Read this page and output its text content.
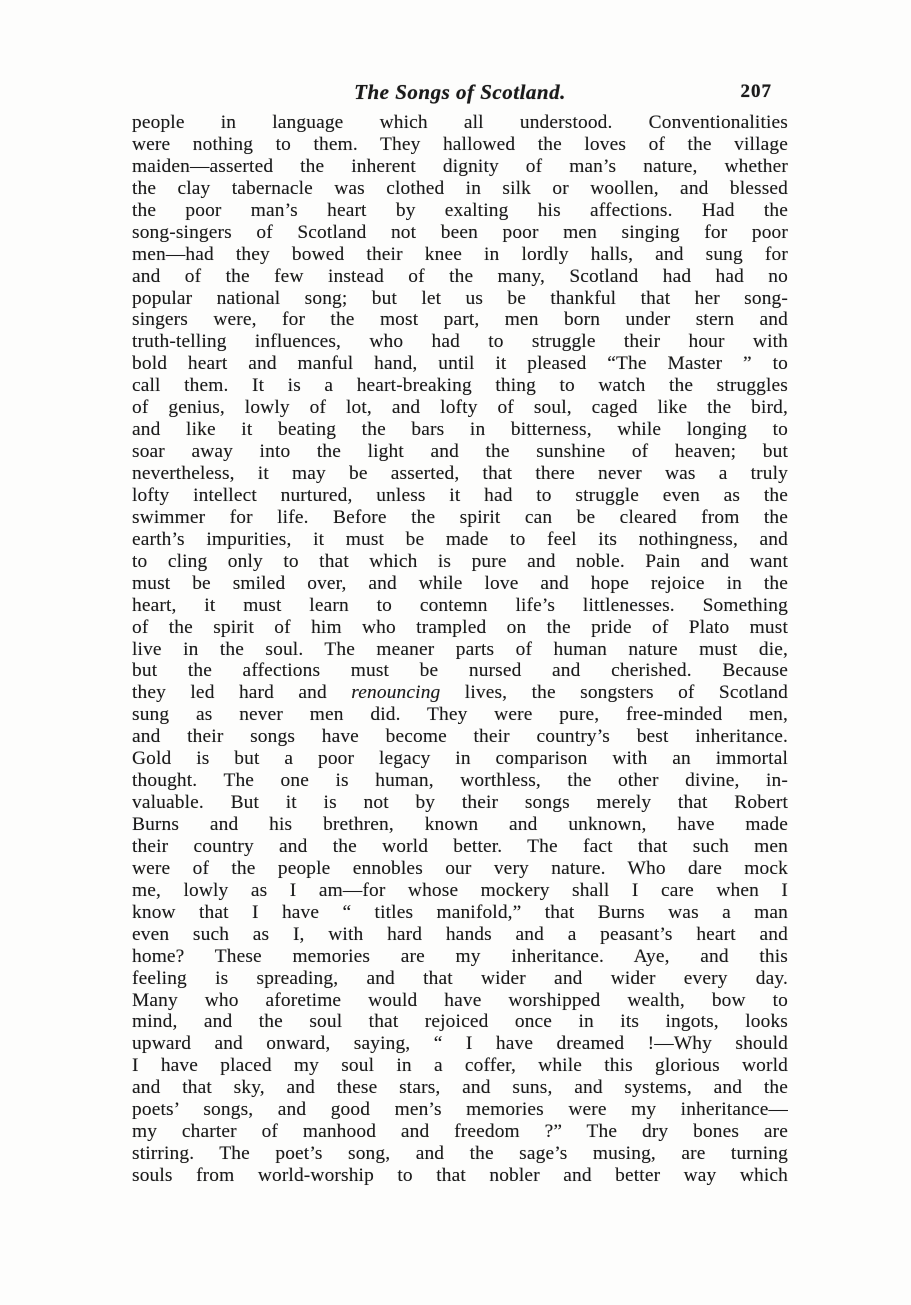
The Songs of Scotland.	207
people in language which all understood. Conventionalities
were nothing to them. They hallowed the loves of the village
maiden—asserted the inherent dignity of man’s nature, whether
the clay tabernacle was clothed in silk or woollen, and blessed
the poor man’s heart by exalting his affections. Had the
song-singers of Scotland not been poor men singing for poor
men—had they bowed their knee in lordly halls, and sung for
and of the few instead of the many, Scotland had had no
popular national song; but let us be thankful that her song-
singers were, for the most part, men born under stern and
truth-telling influences, who had to struggle their hour with
bold heart and manful hand, until it pleased “The Master ” to
call them. It is a heart-breaking thing to watch the struggles
of genius, lowly of lot, and lofty of soul, caged like the bird,
and like it beating the bars in bitterness, while longing to
soar away into the light and the sunshine of heaven; but
nevertheless, it may be asserted, that there never was a truly
lofty intellect nurtured, unless it had to struggle even as the
swimmer for life. Before the spirit can be cleared from the
earth’s impurities, it must be made to feel its nothingness, and
to cling only to that which is pure and noble. Pain and want
must be smiled over, and while love and hope rejoice in the
heart, it must learn to contemn life’s littlenesses. Something
of the spirit of him who trampled on the pride of Plato must
live in the soul. The meaner parts of human nature must die,
but the affections must be nursed and cherished. Because
they led hard and renouncing lives, the songsters of Scotland
sung as never men did. They were pure, free-minded men,
and their songs have become their country’s best inheritance.
Gold is but a poor legacy in comparison with an immortal
thought. The one is human, worthless, the other divine, in-
valuable. But it is not by their songs merely that Robert
Burns and his brethren, known and unknown, have made
their country and the world better. The fact that such men
were of the people ennobles our very nature. Who dare mock
me, lowly as I am—for whose mockery shall I care when I
know that I have “ titles manifold,” that Burns was a man
even such as I, with hard hands and a peasant’s heart and
home? These memories are my inheritance. Aye, and this
feeling is spreading, and that wider and wider every day.
Many who aforetime would have worshipped wealth, bow to
mind, and the soul that rejoiced once in its ingots, looks
upward and onward, saying, “ I have dreamed !—Why should
I have placed my soul in a coffer, while this glorious world
and that sky, and these stars, and suns, and systems, and the
poets’ songs, and good men’s memories were my inheritance—
my charter of manhood and freedom ?” The dry bones are
stirring. The poet’s song, and the sage’s musing, are turning
souls from world-worship to that nobler and better way which
